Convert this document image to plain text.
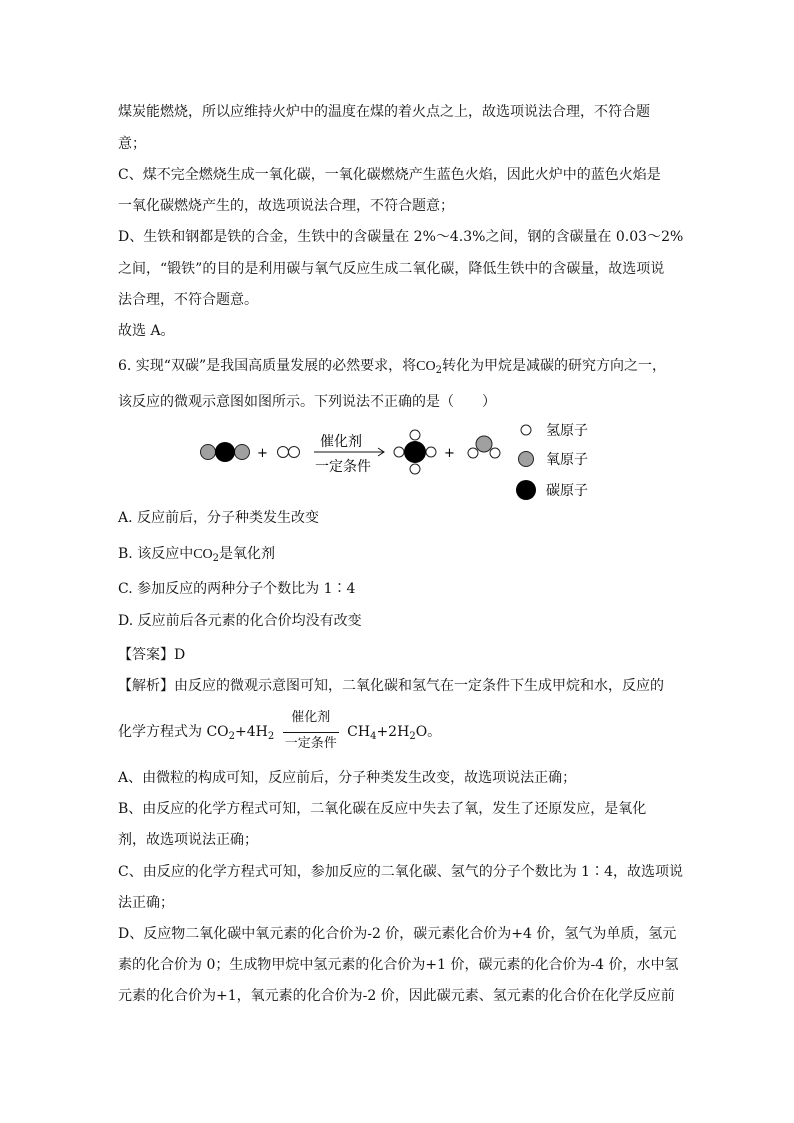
煤炭能燃烧，所以应维持火炉中的温度在煤的着火点之上，故选项说法合理，不符合题
意；
C、煤不完全燃烧生成一氧化碳，一氧化碳燃烧产生蓝色火焰，因此火炉中的蓝色火焰是
一氧化碳燃烧产生的，故选项说法合理，不符合题意；
D、生铁和钢都是铁的合金，生铁中的含碳量在 2%～4.3%之间，钢的含碳量在 0.03～2%
之间，“锻铁”的目的是利用碳与氧气反应生成二氧化碳，降低生铁中的含碳量，故选项说
法合理，不符合题意。
故选 A。
6. 实现“双碳”是我国高质量发展的必然要求，将$CO_2$转化为甲烷是减碳的研究方向之一，
该反应的微观示意图如图所示。下列说法不正确的是（　　）
+
催化剂
一定条件
+
氢原子
氧原子
碳原子
A. 反应前后，分子种类发生改变
B. 该反应中$CO_2$是氧化剂
C. 参加反应的两种分子个数比为 1∶4
D. 反应前后各元素的化合价均没有改变
【答案】D
【解析】由反应的微观示意图可知，二氧化碳和氢气在一定条件下生成甲烷和水，反应的
化学方程式为 $CO_2+4H_2$
催化剂
一定条件
$CH_4+2H_2O$。
A、由微粒的构成可知，反应前后，分子种类发生改变，故选项说法正确；
B、由反应的化学方程式可知，二氧化碳在反应中失去了氧，发生了还原发应，是氧化
剂，故选项说法正确；
C、由反应的化学方程式可知，参加反应的二氧化碳、氢气的分子个数比为 1∶4，故选项说
法正确；
D、反应物二氧化碳中氧元素的化合价为-2 价，碳元素化合价为+4 价，氢气为单质，氢元
素的化合价为 0；生成物甲烷中氢元素的化合价为+1 价，碳元素的化合价为-4 价，水中氢
元素的化合价为+1，氧元素的化合价为-2 价，因此碳元素、氢元素的化合价在化学反应前
